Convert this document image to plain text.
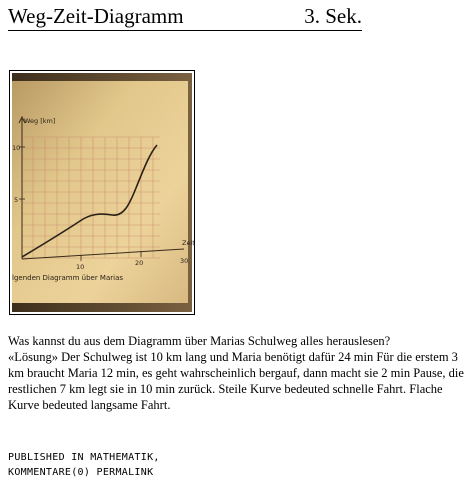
Weg-Zeit-Diagramm	3. Sek.
Weg [km]
Zeit
10
5
10	20	30
lgenden Diagramm über Marias

Was kannst du aus dem Diagramm über Marias Schulweg alles herauslesen?

«Lösung» Der Schulweg ist 10 km lang und Maria benötigt dafür 24 min Für die erstem 3 km braucht Maria 12 min, es geht wahrscheinlich bergauf, dann macht sie 2 min Pause, die restlichen 7 km legt sie in 10 min zurück. Steile Kurve bedeuted schnelle Fahrt. Flache Kurve bedeuted langsame Fahrt.

PUBLISHED IN MATHEMATIK,
KOMMENTARE(0) PERMALINK
